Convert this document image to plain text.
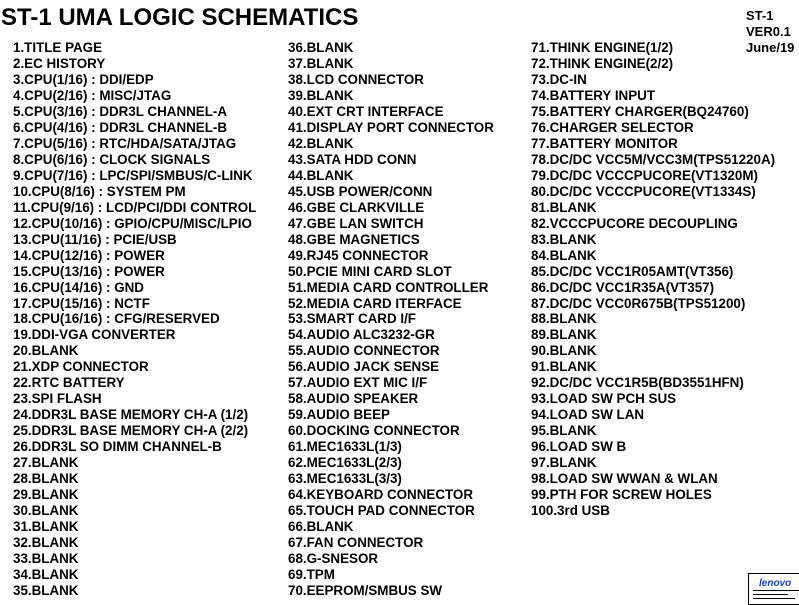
ST-1 UMA LOGIC SCHEMATICS	ST-1
VER0.1
June/19
1.TITLE PAGE
2.EC HISTORY
3.CPU(1/16) : DDI/EDP
4.CPU(2/16) : MISC/JTAG
5.CPU(3/16) : DDR3L CHANNEL-A
6.CPU(4/16) : DDR3L CHANNEL-B
7.CPU(5/16) : RTC/HDA/SATA/JTAG
8.CPU(6/16) : CLOCK SIGNALS
9.CPU(7/16) : LPC/SPI/SMBUS/C-LINK
10.CPU(8/16) : SYSTEM PM
11.CPU(9/16) : LCD/PCI/DDI CONTROL
12.CPU(10/16) : GPIO/CPU/MISC/LPIO
13.CPU(11/16) : PCIE/USB
14.CPU(12/16) : POWER
15.CPU(13/16) : POWER
16.CPU(14/16) : GND
17.CPU(15/16) : NCTF
18.CPU(16/16) : CFG/RESERVED
19.DDI-VGA CONVERTER
20.BLANK
21.XDP CONNECTOR
22.RTC BATTERY
23.SPI FLASH
24.DDR3L BASE MEMORY CH-A (1/2)
25.DDR3L BASE MEMORY CH-A (2/2)
26.DDR3L SO DIMM CHANNEL-B
27.BLANK
28.BLANK
29.BLANK
30.BLANK
31.BLANK
32.BLANK
33.BLANK
34.BLANK
35.BLANK
36.BLANK
37.BLANK
38.LCD CONNECTOR
39.BLANK
40.EXT CRT INTERFACE
41.DISPLAY PORT CONNECTOR
42.BLANK
43.SATA HDD CONN
44.BLANK
45.USB POWER/CONN
46.GBE CLARKVILLE
47.GBE LAN SWITCH
48.GBE MAGNETICS
49.RJ45 CONNECTOR
50.PCIE MINI CARD SLOT
51.MEDIA CARD CONTROLLER
52.MEDIA CARD ITERFACE
53.SMART CARD I/F
54.AUDIO ALC3232-GR
55.AUDIO CONNECTOR
56.AUDIO JACK SENSE
57.AUDIO EXT MIC I/F
58.AUDIO SPEAKER
59.AUDIO BEEP
60.DOCKING CONNECTOR
61.MEC1633L(1/3)
62.MEC1633L(2/3)
63.MEC1633L(3/3)
64.KEYBOARD CONNECTOR
65.TOUCH PAD CONNECTOR
66.BLANK
67.FAN CONNECTOR
68.G-SNESOR
69.TPM
70.EEPROM/SMBUS SW
71.THINK ENGINE(1/2)
72.THINK ENGINE(2/2)
73.DC-IN
74.BATTERY INPUT
75.BATTERY CHARGER(BQ24760)
76.CHARGER SELECTOR
77.BATTERY MONITOR
78.DC/DC VCC5M/VCC3M(TPS51220A)
79.DC/DC VCCCPUCORE(VT1320M)
80.DC/DC VCCCPUCORE(VT1334S)
81.BLANK
82.VCCCPUCORE DECOUPLING
83.BLANK
84.BLANK
85.DC/DC VCC1R05AMT(VT356)
86.DC/DC VCC1R35A(VT357)
87.DC/DC VCC0R675B(TPS51200)
88.BLANK
89.BLANK
90.BLANK
91.BLANK
92.DC/DC VCC1R5B(BD3551HFN)
93.LOAD SW PCH SUS
94.LOAD SW LAN
95.BLANK
96.LOAD SW B
97.BLANK
98.LOAD SW WWAN & WLAN
99.PTH FOR SCREW HOLES
100.3rd USB
lenovo
